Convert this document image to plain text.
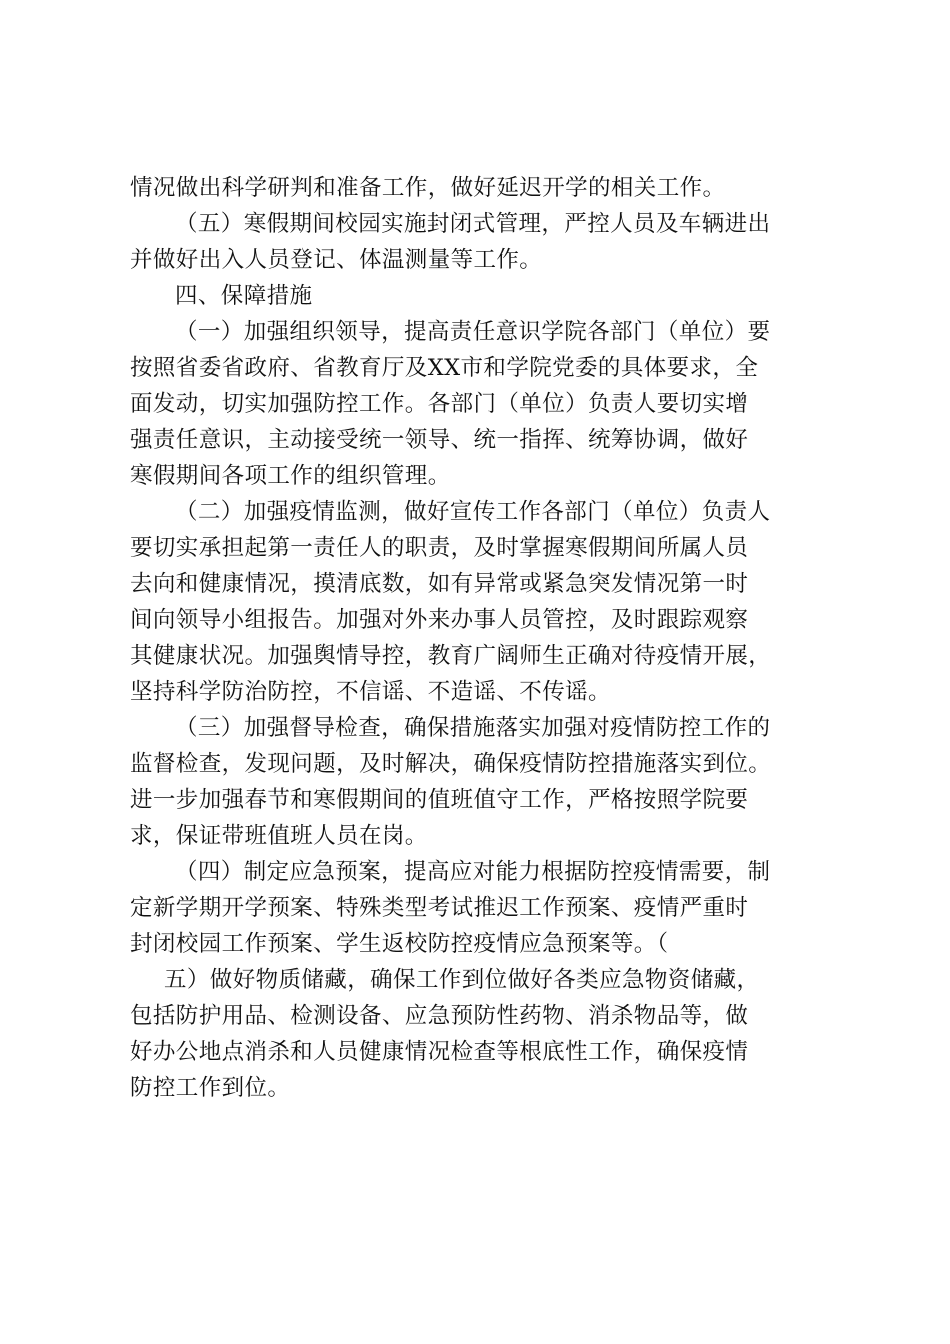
情况做出科学研判和准备工作，做好延迟开学的相关工作。
（五）寒假期间校园实施封闭式管理，严控人员及车辆进出
并做好出入人员登记、体温测量等工作。
四、保障措施
（一）加强组织领导，提高责任意识学院各部门（单位）要
按照省委省政府、省教育厅及XX市和学院党委的具体要求，全
面发动，切实加强防控工作。各部门（单位）负责人要切实增
强责任意识，主动接受统一领导、统一指挥、统筹协调，做好
寒假期间各项工作的组织管理。
（二）加强疫情监测，做好宣传工作各部门（单位）负责人
要切实承担起第一责任人的职责，及时掌握寒假期间所属人员
去向和健康情况，摸清底数，如有异常或紧急突发情况第一时
间向领导小组报告。加强对外来办事人员管控，及时跟踪观察
其健康状况。加强舆情导控，教育广阔师生正确对待疫情开展，
坚持科学防治防控，不信谣、不造谣、不传谣。
（三）加强督导检查，确保措施落实加强对疫情防控工作的
监督检查，发现问题，及时解决，确保疫情防控措施落实到位。
进一步加强春节和寒假期间的值班值守工作，严格按照学院要
求，保证带班值班人员在岗。
（四）制定应急预案，提高应对能力根据防控疫情需要，制
定新学期开学预案、特殊类型考试推迟工作预案、疫情严重时
封闭校园工作预案、学生返校防控疫情应急预案等。（
五）做好物质储藏，确保工作到位做好各类应急物资储藏，
包括防护用品、检测设备、应急预防性药物、消杀物品等，做
好办公地点消杀和人员健康情况检查等根底性工作，确保疫情
防控工作到位。
